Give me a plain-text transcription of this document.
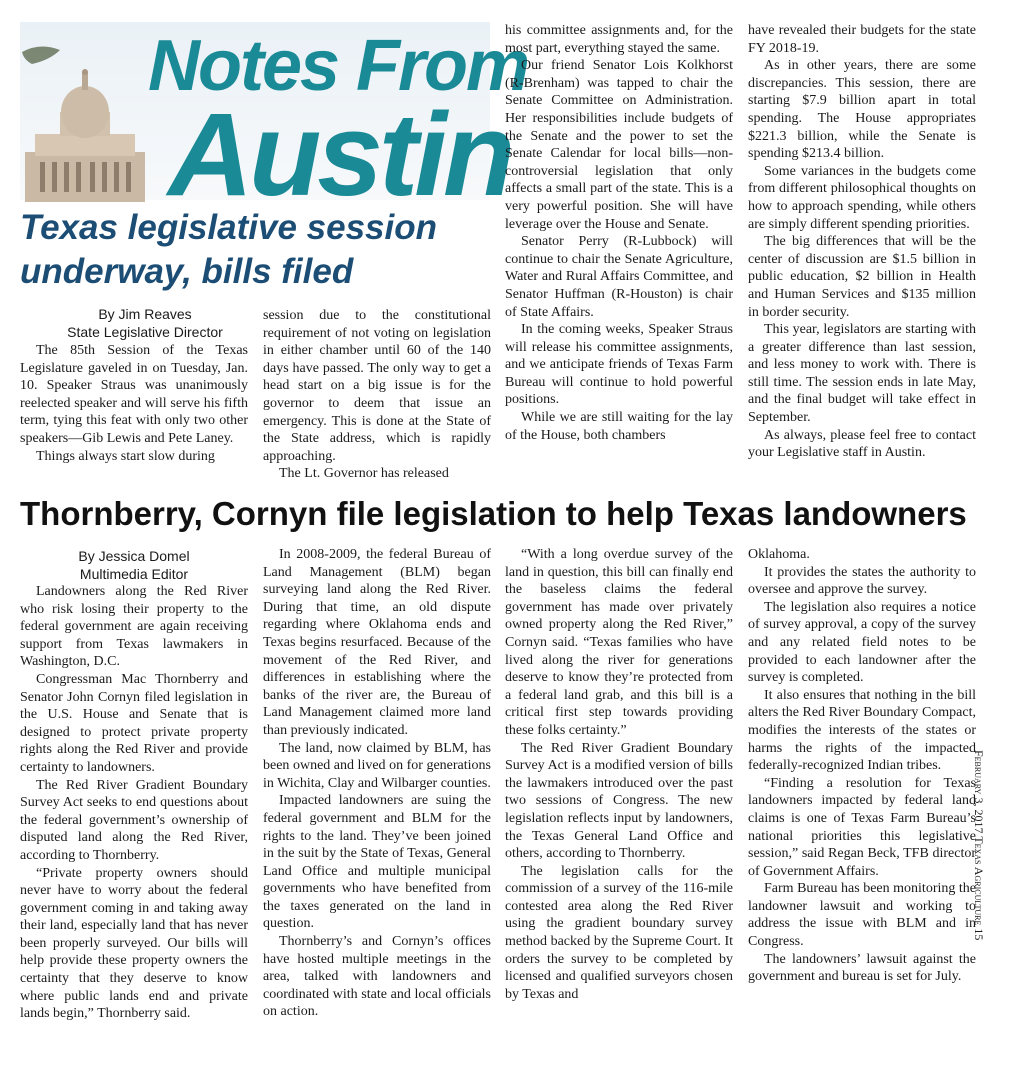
Notes From
Austin
Texas legislative session underway, bills filed
By Jim Reaves
State Legislative Director

The 85th Session of the Texas Legislature gaveled in on Tuesday, Jan. 10. Speaker Straus was unanimously reelected speaker and will serve his fifth term, tying this feat with only two other speakers—Gib Lewis and Pete Laney.

Things always start slow during

session due to the constitutional requirement of not voting on legislation in either chamber until 60 of the 140 days have passed. The only way to get a head start on a big issue is for the governor to deem that issue an emergency. This is done at the State of the State address, which is rapidly approaching.

The Lt. Governor has released

his committee assignments and, for the most part, everything stayed the same.

Our friend Senator Lois Kolkhorst (R-Brenham) was tapped to chair the Senate Committee on Administration. Her responsibilities include budgets of the Senate and the power to set the Senate Calendar for local bills—non-controversial legislation that only affects a small part of the state. This is a very powerful position. She will have leverage over the House and Senate.

Senator Perry (R-Lubbock) will continue to chair the Senate Agriculture, Water and Rural Affairs Committee, and Senator Huffman (R-Houston) is chair of State Affairs.

In the coming weeks, Speaker Straus will release his committee assignments, and we anticipate friends of Texas Farm Bureau will continue to hold powerful positions.

While we are still waiting for the lay of the House, both chambers

have revealed their budgets for the state FY 2018-19.

As in other years, there are some discrepancies. This session, there are starting $7.9 billion apart in total spending. The House appropriates $221.3 billion, while the Senate is spending $213.4 billion.

Some variances in the budgets come from different philosophical thoughts on how to approach spending, while others are simply different spending priorities.

The big differences that will be the center of discussion are $1.5 billion in public education, $2 billion in Health and Human Services and $135 million in border security.

This year, legislators are starting with a greater difference than last session, and less money to work with. There is still time. The session ends in late May, and the final budget will take effect in September.

As always, please feel free to contact your Legislative staff in Austin.

Thornberry, Cornyn file legislation to help Texas landowners
By Jessica Domel
Multimedia Editor

Landowners along the Red River who risk losing their property to the federal government are again receiving support from Texas lawmakers in Washington, D.C.

Congressman Mac Thornberry and Senator John Cornyn filed legislation in the U.S. House and Senate that is designed to protect private property rights along the Red River and provide certainty to landowners.

The Red River Gradient Boundary Survey Act seeks to end questions about the federal government’s ownership of disputed land along the Red River, according to Thornberry.

“Private property owners should never have to worry about the federal government coming in and taking away their land, especially land that has never been properly surveyed. Our bills will help provide these property owners the certainty that they deserve to know where public lands end and private lands begin,” Thornberry said.

In 2008-2009, the federal Bureau of Land Management (BLM) began surveying land along the Red River. During that time, an old dispute regarding where Oklahoma ends and Texas begins resurfaced. Because of the movement of the Red River, and differences in establishing where the banks of the river are, the Bureau of Land Management claimed more land than previously indicated.

The land, now claimed by BLM, has been owned and lived on for generations in Wichita, Clay and Wilbarger counties.

Impacted landowners are suing the federal government and BLM for the rights to the land. They’ve been joined in the suit by the State of Texas, General Land Office and multiple municipal governments who have benefited from the taxes generated on the land in question.

Thornberry’s and Cornyn’s offices have hosted multiple meetings in the area, talked with landowners and coordinated with state and local officials on action.

“With a long overdue survey of the land in question, this bill can finally end the baseless claims the federal government has made over privately owned property along the Red River,” Cornyn said. “Texas families who have lived along the river for generations deserve to know they’re protected from a federal land grab, and this bill is a critical first step towards providing these folks certainty.”

The Red River Gradient Boundary Survey Act is a modified version of bills the lawmakers introduced over the past two sessions of Congress. The new legislation reflects input by landowners, the Texas General Land Office and others, according to Thornberry.

The legislation calls for the commission of a survey of the 116-mile contested area along the Red River using the gradient boundary survey method backed by the Supreme Court. It orders the survey to be completed by licensed and qualified surveyors chosen by Texas and

Oklahoma.

It provides the states the authority to oversee and approve the survey.

The legislation also requires a notice of survey approval, a copy of the survey and any related field notes to be provided to each landowner after the survey is completed.

It also ensures that nothing in the bill alters the Red River Boundary Compact, modifies the interests of the states or harms the rights of the impacted federally-recognized Indian tribes.

“Finding a resolution for Texas landowners impacted by federal land claims is one of Texas Farm Bureau’s national priorities this legislative session,” said Regan Beck, TFB director of Government Affairs.

Farm Bureau has been monitoring the landowner lawsuit and working to address the issue with BLM and in Congress.

The landowners’ lawsuit against the government and bureau is set for July.

February 3, 2017 Texas Agriculture 15
